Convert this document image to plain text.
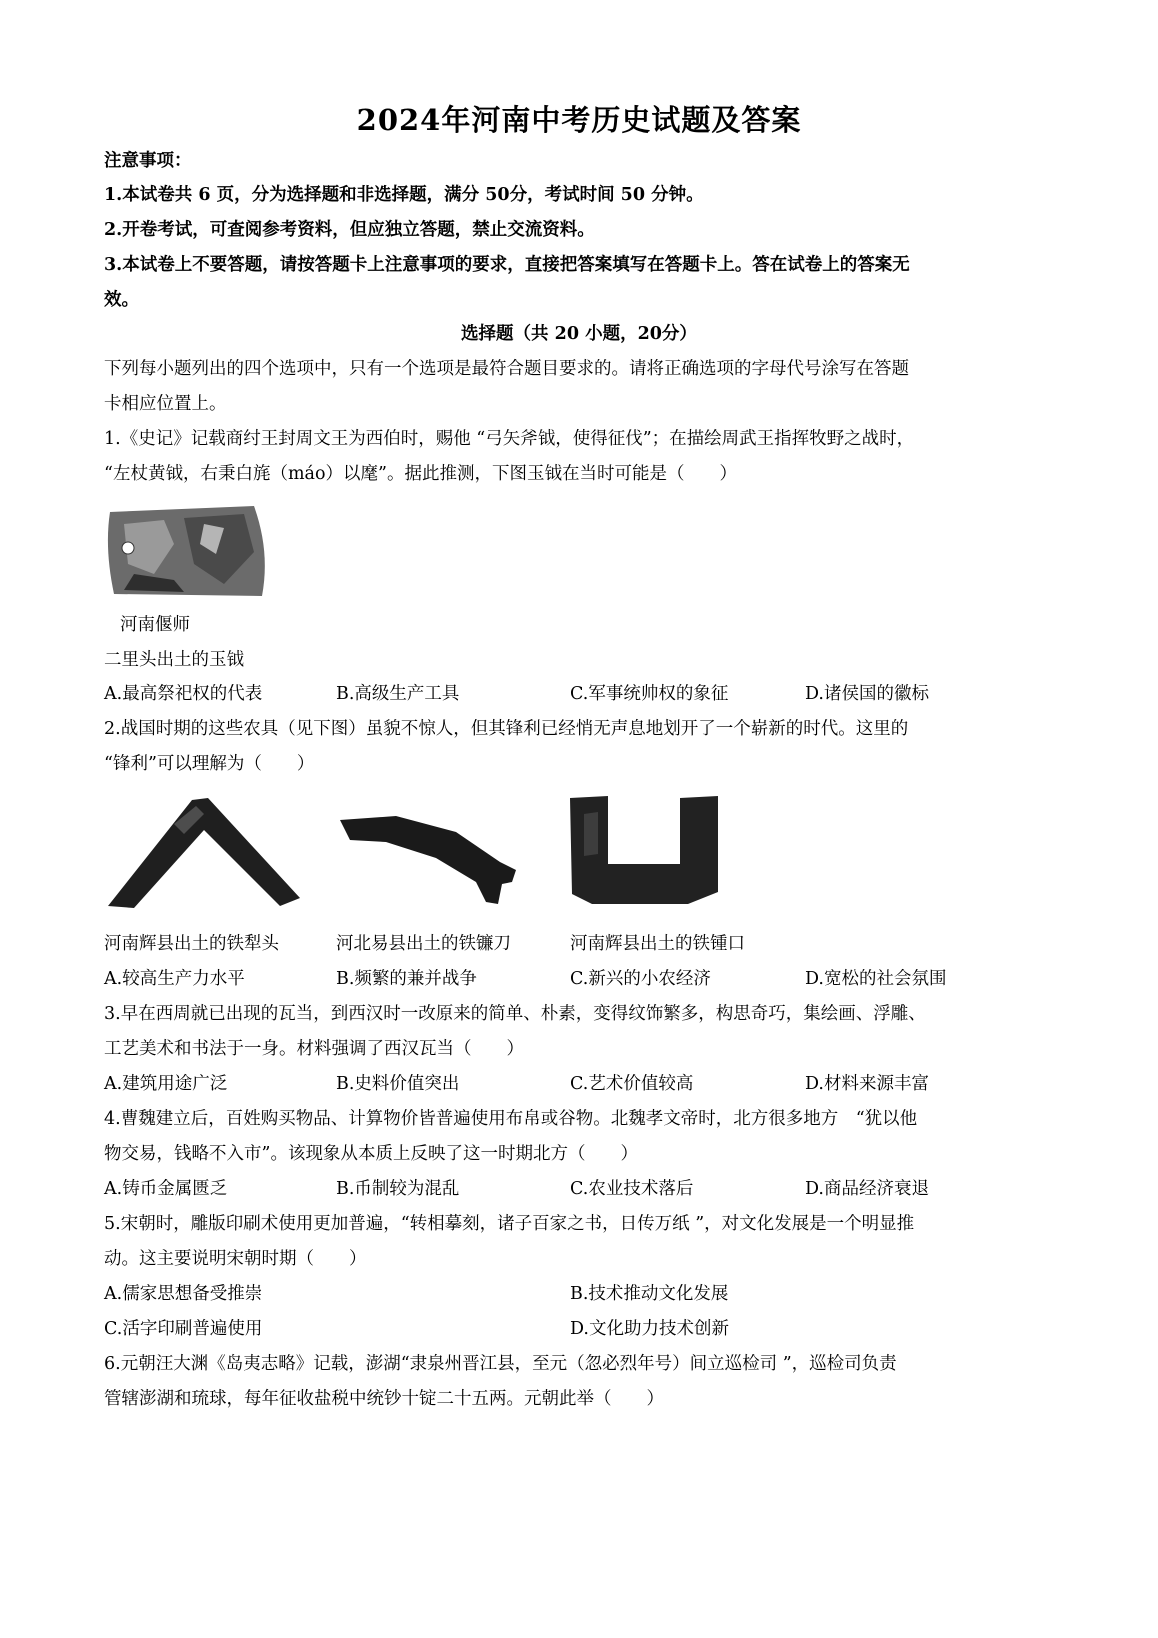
2024年河南中考历史试题及答案
注意事项：
1.本试卷共 6 页，分为选择题和非选择题，满分 50分，考试时间 50 分钟。
2.开卷考试，可查阅参考资料，但应独立答题，禁止交流资料。
3.本试卷上不要答题，请按答题卡上注意事项的要求，直接把答案填写在答题卡上。答在试卷上的答案无
效。
选择题（共 20 小题，20分）
下列每小题列出的四个选项中，只有一个选项是最符合题目要求的。请将正确选项的字母代号涂写在答题
卡相应位置上。
1.《史记》记载商纣王封周文王为西伯时，赐他 “弓矢斧钺，使得征伐”；在描绘周武王指挥牧野之战时，
“左杖黄钺，右秉白旄（máo）以麾”。据此推测，下图玉钺在当时可能是（　　）
河南偃师
二里头出土的玉钺
A.最高祭祀权的代表	B.高级生产工具	C.军事统帅权的象征	D.诸侯国的徽标
2.战国时期的这些农具（见下图）虽貌不惊人，但其锋利已经悄无声息地划开了一个崭新的时代。这里的
“锋利”可以理解为（　　）
河南辉县出土的铁犁头	河北易县出土的铁镰刀	河南辉县出土的铁锺口
A.较高生产力水平	B.频繁的兼并战争	C.新兴的小农经济	D.宽松的社会氛围
3.早在西周就已出现的瓦当，到西汉时一改原来的简单、朴素，变得纹饰繁多，构思奇巧，集绘画、浮雕、
工艺美术和书法于一身。材料强调了西汉瓦当（　　）
A.建筑用途广泛	B.史料价值突出	C.艺术价值较高	D.材料来源丰富
4.曹魏建立后，百姓购买物品、计算物价皆普遍使用布帛或谷物。北魏孝文帝时，北方很多地方　“犹以他
物交易，钱略不入市”。该现象从本质上反映了这一时期北方（　　）
A.铸币金属匮乏	B.币制较为混乱	C.农业技术落后	D.商品经济衰退
5.宋朝时，雕版印刷术使用更加普遍，“转相摹刻，诸子百家之书，日传万纸 ”，对文化发展是一个明显推
动。这主要说明宋朝时期（　　）
A.儒家思想备受推崇	B.技术推动文化发展
C.活字印刷普遍使用	D.文化助力技术创新
6.元朝汪大渊《岛夷志略》记载，澎湖“隶泉州晋江县，至元（忽必烈年号）间立巡检司 ”，巡检司负责
管辖澎湖和琉球，每年征收盐税中统钞十锭二十五两。元朝此举（　　）
